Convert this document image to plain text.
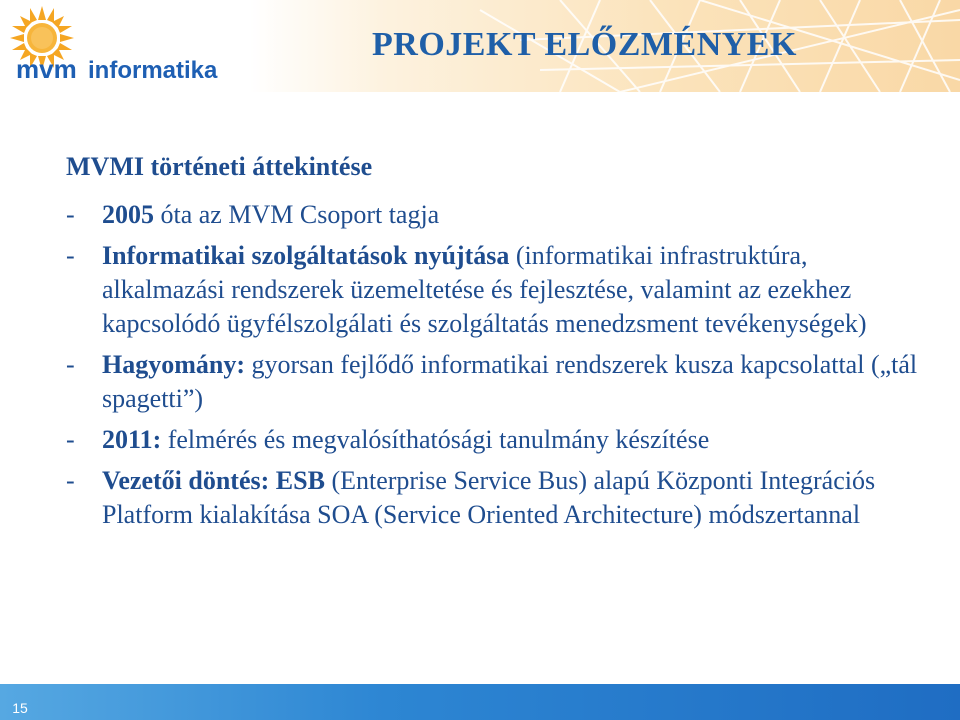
mvm informatika
PROJEKT ELŐZMÉNYEK
MVMI történeti áttekintése
-	2005 óta az MVM Csoport tagja
-	Informatikai szolgáltatások nyújtása (informatikai infrastruktúra, alkalmazási rendszerek üzemeltetése és fejlesztése, valamint az ezekhez kapcsolódó ügyfélszolgálati és szolgáltatás menedzsment tevékenységek)
-	Hagyomány: gyorsan fejlődő informatikai rendszerek kusza kapcsolattal („tál spagetti”)
-	2011: felmérés és megvalósíthatósági tanulmány készítése
-	Vezetői döntés: ESB (Enterprise Service Bus) alapú Központi Integrációs Platform kialakítása SOA (Service Oriented Architecture) módszertannal
15
